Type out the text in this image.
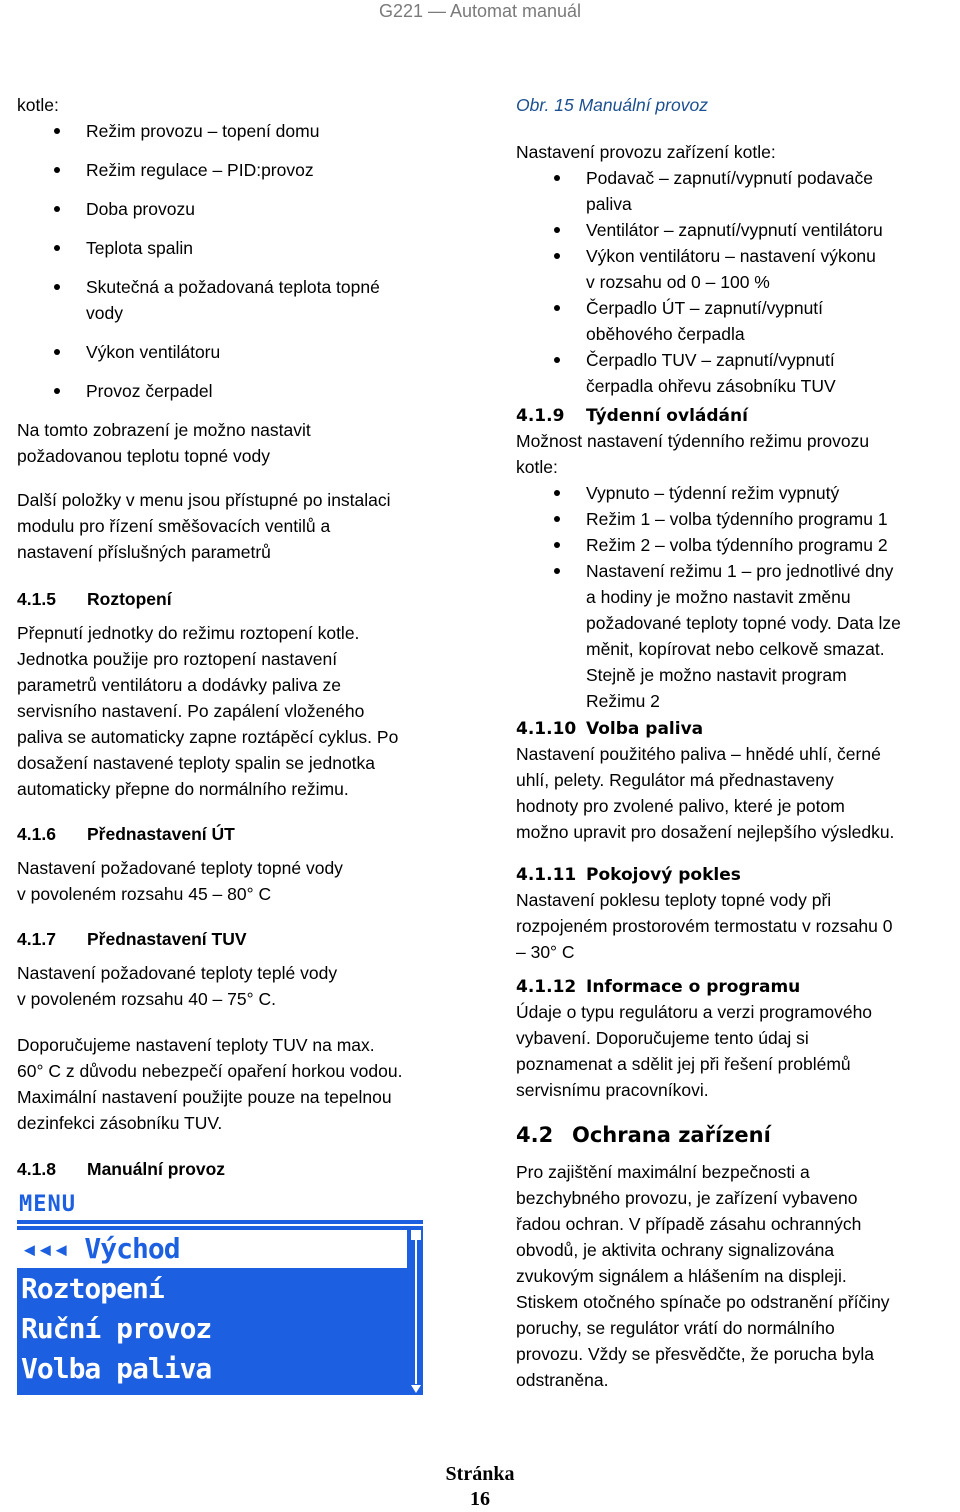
G221 — Automat manuál

kotle:

Režim provozu – topení domu
Režim regulace – PID:provoz
Doba provozu
Teplota spalin
Skutečná a požadovaná teplota topné
vody
Výkon ventilátoru
Provoz čerpadel

Na tomto zobrazení je možno nastavit

požadovanou teplotu topné vody

Další položky v menu jsou přístupné po instalaci

modulu pro řízení směšovacích ventilů a

nastavení příslušných parametrů

4.1.5 Roztopení

Přepnutí jednotky do režimu roztopení kotle.

Jednotka použije pro roztopení nastavení

parametrů ventilátoru a dodávky paliva ze

servisního nastavení. Po zapálení vloženého

paliva se automaticky zapne roztápěcí cyklus. Po

dosažení nastavené teploty spalin se jednotka

automaticky přepne do normálního režimu.

4.1.6 Přednastavení ÚT

Nastavení požadované teploty topné vody

v povoleném rozsahu 45 – 80° C

4.1.7 Přednastavení TUV

Nastavení požadované teploty teplé vody

v povoleném rozsahu 40 – 75° C.

Doporučujeme nastavení teploty TUV na max.

60° C z důvodu nebezpečí opaření horkou vodou.

Maximální nastavení použijte pouze na tepelnou

dezinfekci zásobníku TUV.

4.1.8 Manuální provoz
MENU
◂◂◂ Východ
Roztopení
Ruční provoz
Volba paliva

Obr. 15 Manuální provoz

Nastavení provozu zařízení kotle:

Podavač – zapnutí/vypnutí podavače
paliva
Ventilátor – zapnutí/vypnutí ventilátoru
Výkon ventilátoru – nastavení výkonu
v rozsahu od 0 – 100 %
Čerpadlo ÚT – zapnutí/vypnutí
oběhového čerpadla
Čerpadlo TUV – zapnutí/vypnutí
čerpadla ohřevu zásobníku TUV
4.1.9 Týdenní ovládání

Možnost nastavení týdenního režimu provozu

kotle:

Vypnuto – týdenní režim vypnutý
Režim 1 – volba týdenního programu 1
Režim 2 – volba týdenního programu 2
Nastavení režimu 1 – pro jednotlivé dny
a hodiny je možno nastavit změnu
požadované teploty topné vody. Data lze
měnit, kopírovat nebo celkově smazat.
Stejně je možno nastavit program
Režimu 2
4.1.10 Volba paliva

Nastavení použitého paliva – hnědé uhlí, černé

uhlí, pelety. Regulátor má přednastaveny

hodnoty pro zvolené palivo, které je potom

možno upravit pro dosažení nejlepšího výsledku.

4.1.11 Pokojový pokles

Nastavení poklesu teploty topné vody při

rozpojeném prostorovém termostatu v rozsahu 0

– 30° C

4.1.12 Informace o programu

Údaje o typu regulátoru a verzi programového

vybavení. Doporučujeme tento údaj si

poznamenat a sdělit jej při řešení problémů

servisnímu pracovníkovi.

4.2 Ochrana zařízení

Pro zajištění maximální bezpečnosti a

bezchybného provozu, je zařízení vybaveno

řadou ochran. V případě zásahu ochranných

obvodů, je aktivita ochrany signalizována

zvukovým signálem a hlášením na displeji.

Stiskem otočného spínače po odstranění příčiny

poruchy, se regulátor vrátí do normálního

provozu. Vždy se přesvědčte, že porucha byla

odstraněna.

Stránka
16
